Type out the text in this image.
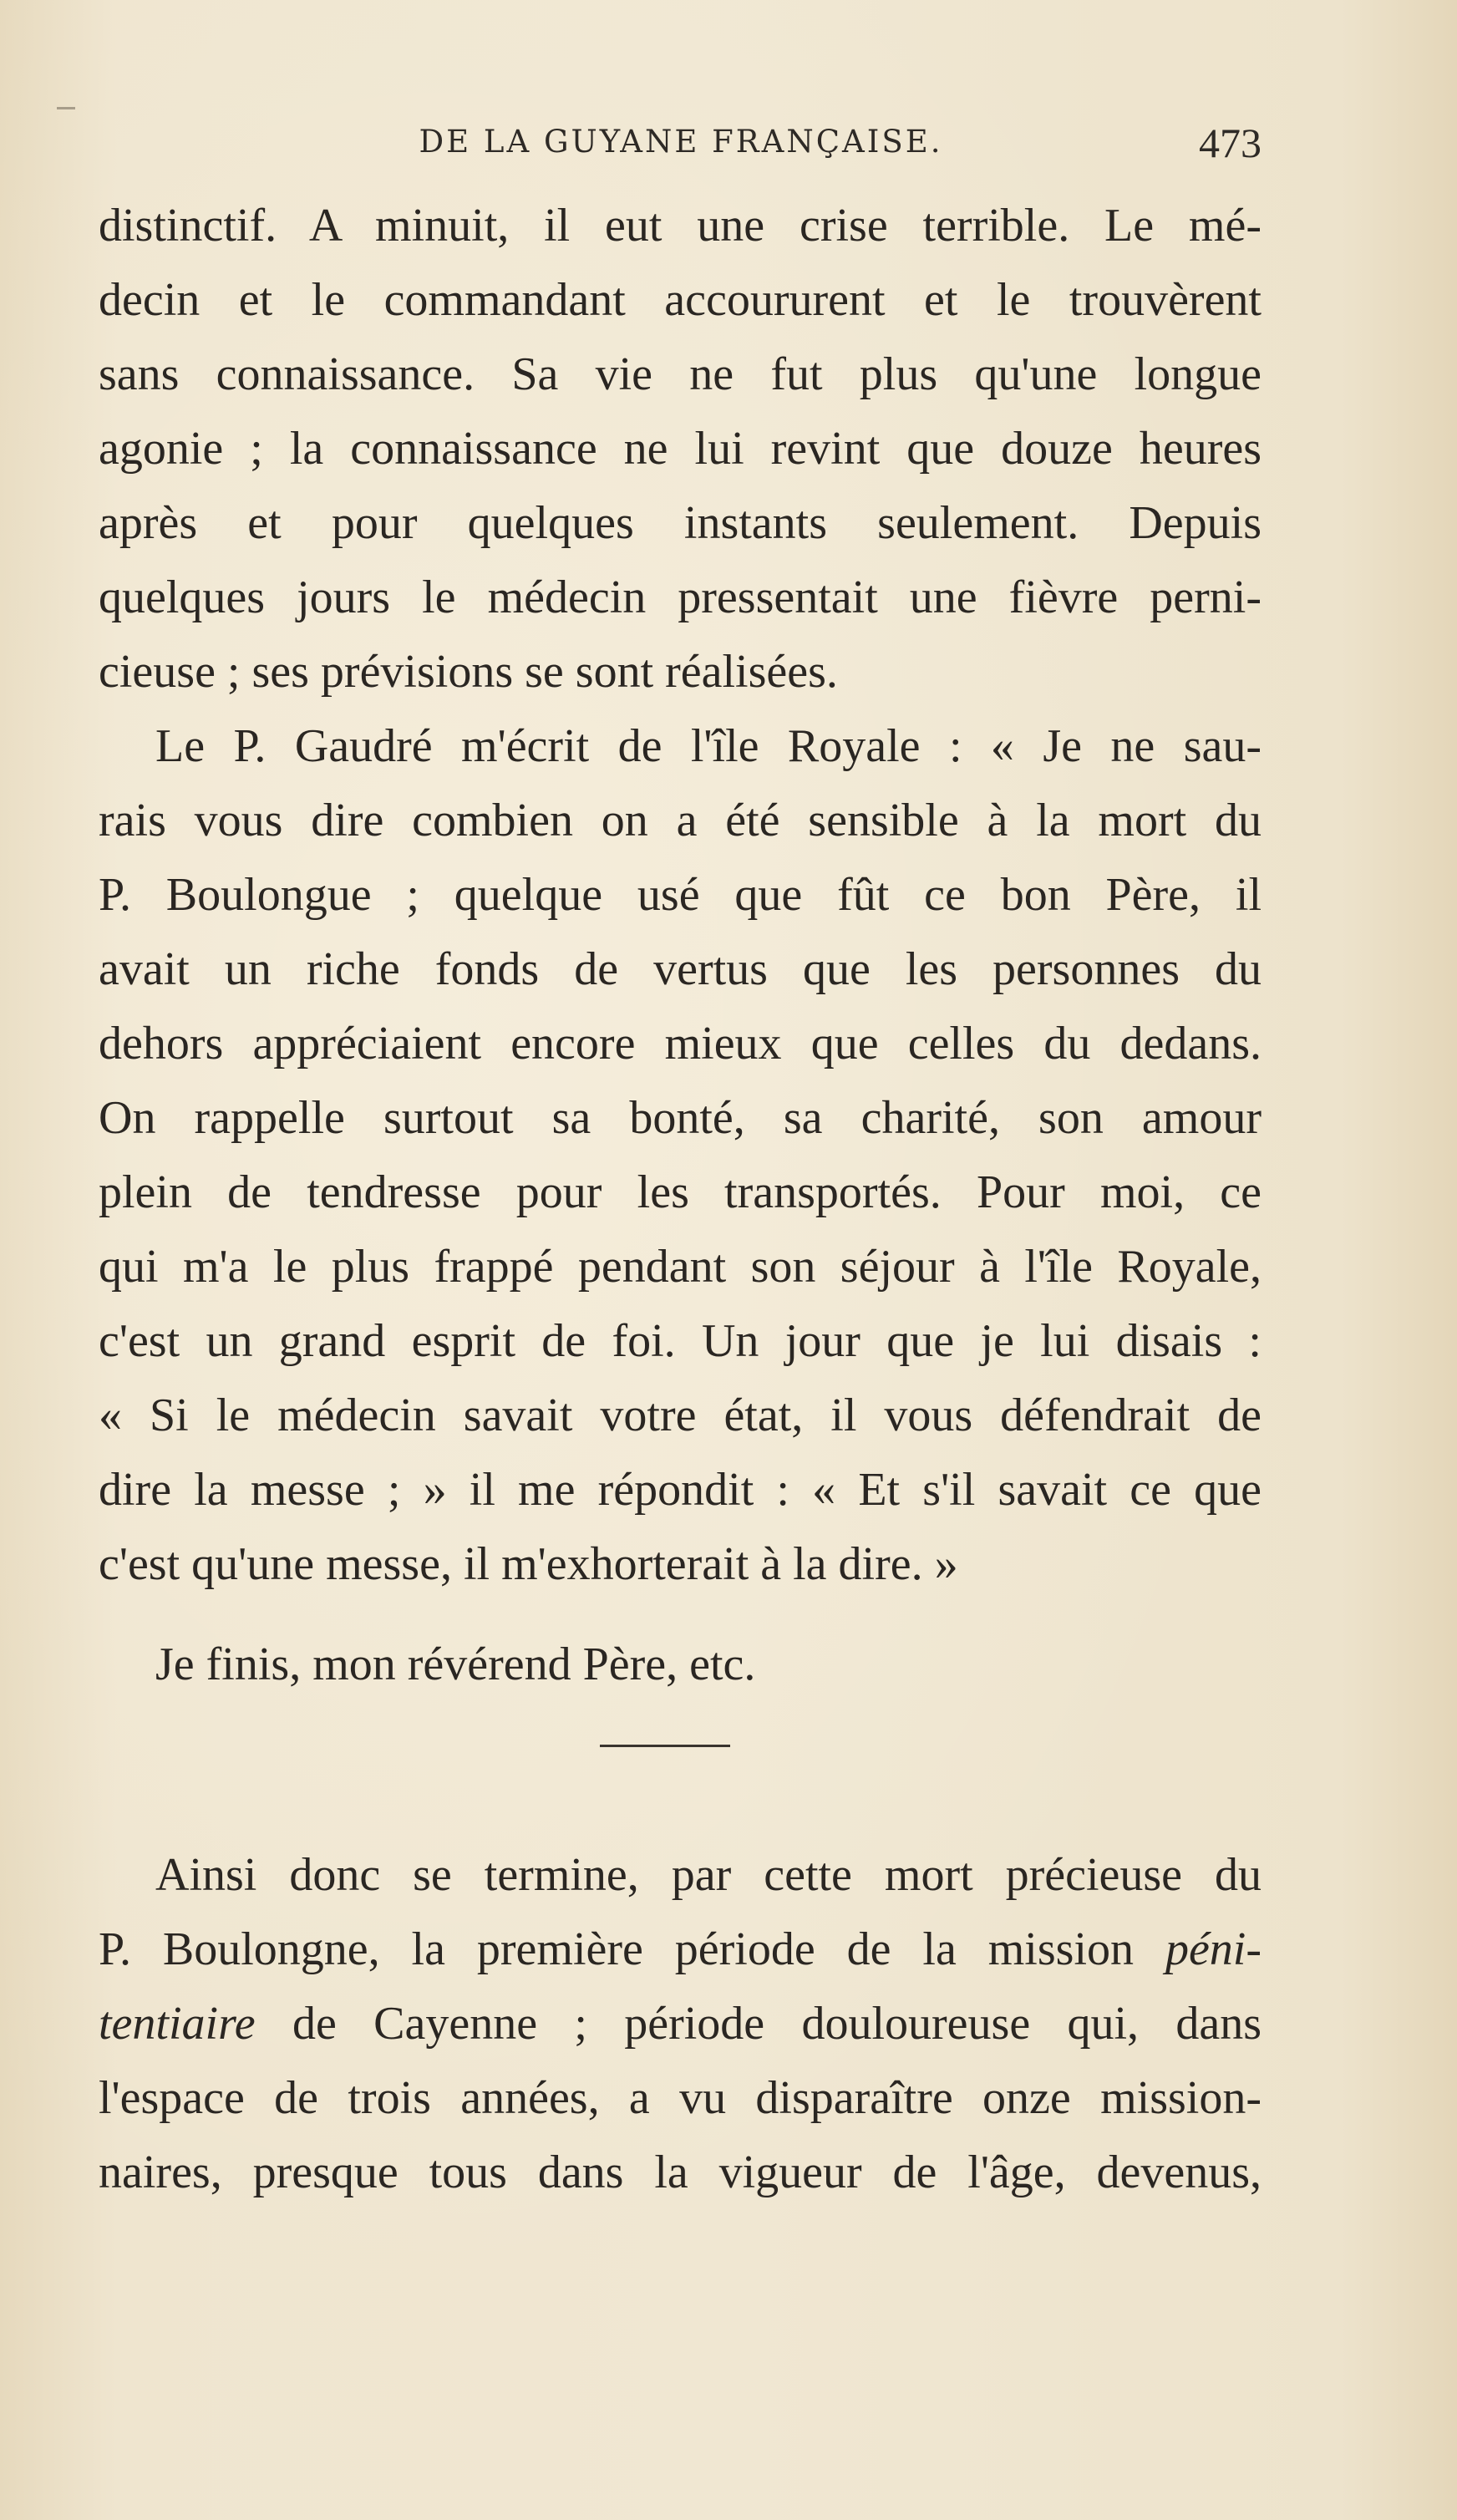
DE LA GUYANE FRANÇAISE.	473
distinctif. A minuit, il eut une crise terrible. Le mé-
decin et le commandant accoururent et le trouvèrent
sans connaissance. Sa vie ne fut plus qu'une longue
agonie ; la connaissance ne lui revint que douze heures
après et pour quelques instants seulement. Depuis
quelques jours le médecin pressentait une fièvre perni-
cieuse ; ses prévisions se sont réalisées.
Le P. Gaudré m'écrit de l'île Royale : « Je ne sau-
rais vous dire combien on a été sensible à la mort du
P. Boulongue ; quelque usé que fût ce bon Père, il
avait un riche fonds de vertus que les personnes du
dehors appréciaient encore mieux que celles du dedans.
On rappelle surtout sa bonté, sa charité, son amour
plein de tendresse pour les transportés. Pour moi, ce
qui m'a le plus frappé pendant son séjour à l'île Royale,
c'est un grand esprit de foi. Un jour que je lui disais :
« Si le médecin savait votre état, il vous défendrait de
dire la messe ; » il me répondit : « Et s'il savait ce que
c'est qu'une messe, il m'exhorterait à la dire. »
Je finis, mon révérend Père, etc.
Ainsi donc se termine, par cette mort précieuse du
P. Boulongne, la première période de la mission péni-
tentiaire de Cayenne ; période douloureuse qui, dans
l'espace de trois années, a vu disparaître onze mission-
naires, presque tous dans la vigueur de l'âge, devenus,
